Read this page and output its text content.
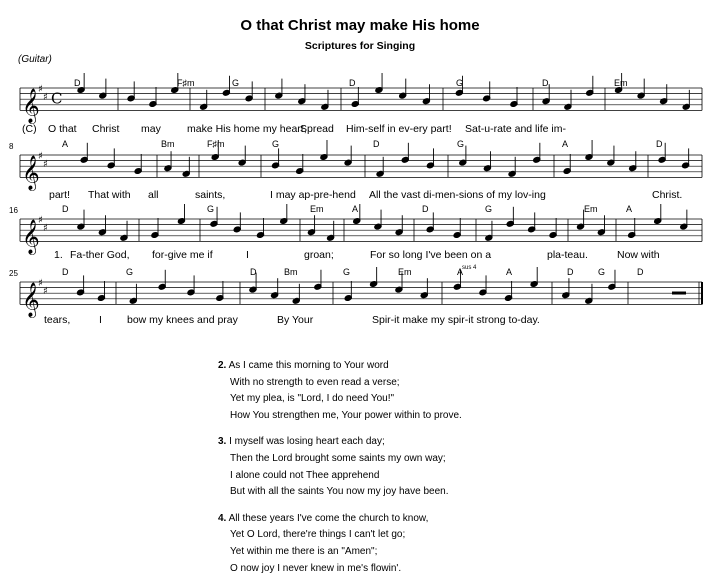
O that Christ may make His home
Scriptures for Singing
(Guitar)
𝄞
♯
♯ C
𝄞
♯
♯
𝄞
♯
♯
𝄞
♯
♯
D	F♯m	G	D	G	D	Em
(C) O that Christ may make His home my heart,
Spread Him-self in ev-ery part! Sat-u-rate and life im-
8	A	Bm	F♯m	G	D	G	A	D
part! That with all	saints,	I may ap-pre-hend All the vast di-men-sions of my lov-ing	Christ.
16	D	G	Em	A	D	G	Em	A
1. Fa-ther God, for-give me if	I	groan;	For so long I've been on a	pla-teau.	Now with
25	D	G	D	Bm	G	Em	A	A	D	G	D
sus 4
tears,	I bow my knees and pray	By Your	Spir-it make my spir-it strong to-day.
2. As I came this morning to Your word
With no strength to even read a verse;
Yet my plea, is "Lord, I do need You!"
How You strengthen me, Your power within to prove.
3. I myself was losing heart each day;
Then the Lord brought some saints my own way;
I alone could not Thee apprehend
But with all the saints You now my joy have been.
4. All these years I've come the church to know,
Yet O Lord, there're things I can't let go;
Yet within me there is an "Amen";
O now joy I never knew in me's flowin'.
